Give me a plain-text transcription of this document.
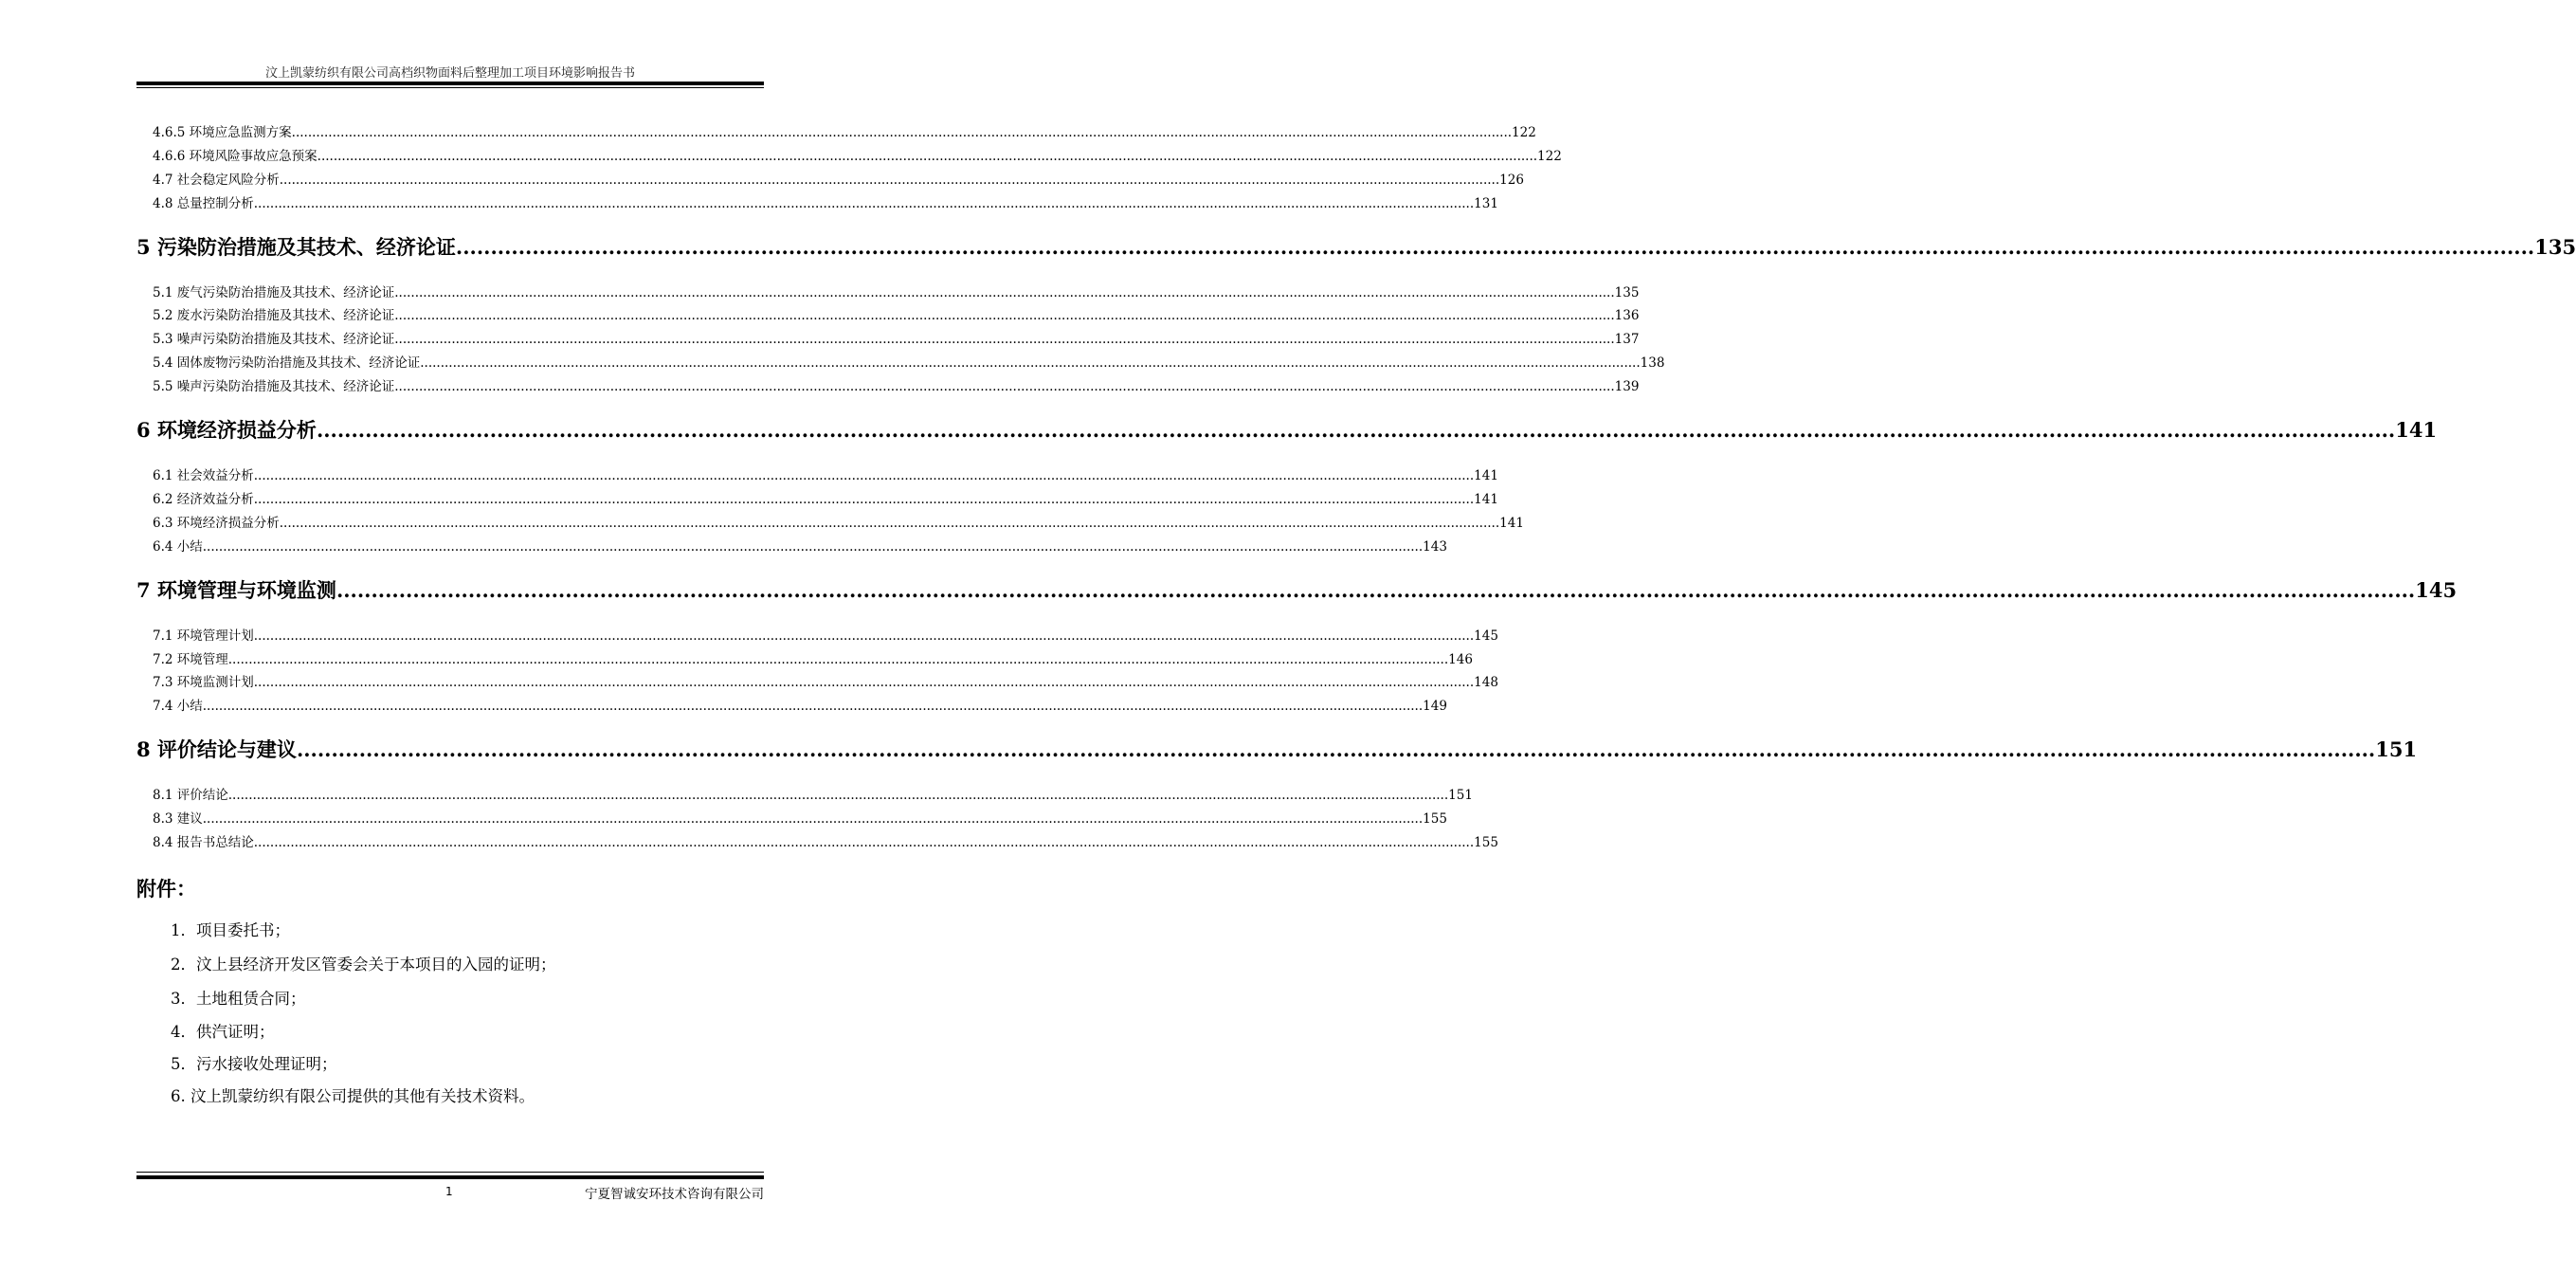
汶上凯蒙纺织有限公司高档织物面料后整理加工项目环境影响报告书
4.6.5 环境应急监测方案 ............................................................................................................................................................................................................................................................................................................ 122
4.6.6 环境风险事故应急预案 ............................................................................................................................................................................................................................................................................................................ 122
4.7 社会稳定风险分析 ............................................................................................................................................................................................................................................................................................................ 126
4.8 总量控制分析 ............................................................................................................................................................................................................................................................................................................ 131
5 污染防治措施及其技术、经济论证 ............................................................................................................................................................................................................................................................................................................ 135
5.1 废气污染防治措施及其技术、经济论证 ............................................................................................................................................................................................................................................................................................................ 135
5.2 废水污染防治措施及其技术、经济论证 ............................................................................................................................................................................................................................................................................................................ 136
5.3 噪声污染防治措施及其技术、经济论证 ............................................................................................................................................................................................................................................................................................................ 137
5.4 固体废物污染防治措施及其技术、经济论证 ............................................................................................................................................................................................................................................................................................................ 138
5.5 噪声污染防治措施及其技术、经济论证 ............................................................................................................................................................................................................................................................................................................ 139
6 环境经济损益分析 ............................................................................................................................................................................................................................................................................................................ 141
6.1 社会效益分析 ............................................................................................................................................................................................................................................................................................................ 141
6.2 经济效益分析 ............................................................................................................................................................................................................................................................................................................ 141
6.3 环境经济损益分析 ............................................................................................................................................................................................................................................................................................................ 141
6.4 小结 ............................................................................................................................................................................................................................................................................................................ 143
7 环境管理与环境监测 ............................................................................................................................................................................................................................................................................................................ 145
7.1 环境管理计划 ............................................................................................................................................................................................................................................................................................................ 145
7.2 环境管理 ............................................................................................................................................................................................................................................................................................................ 146
7.3 环境监测计划 ............................................................................................................................................................................................................................................................................................................ 148
7.4 小结 ............................................................................................................................................................................................................................................................................................................ 149
8 评价结论与建议 ............................................................................................................................................................................................................................................................................................................ 151
8.1 评价结论 ............................................................................................................................................................................................................................................................................................................ 151
8.3 建议 ............................................................................................................................................................................................................................................................................................................ 155
8.4 报告书总结论 ............................................................................................................................................................................................................................................................................................................ 155
附件：
1．项目委托书；
2．汶上县经济开发区管委会关于本项目的入园的证明；
3．土地租赁合同；
4．供汽证明；
5．污水接收处理证明；
6. 汶上凯蒙纺织有限公司提供的其他有关技术资料。
1	宁夏智诚安环技术咨询有限公司
